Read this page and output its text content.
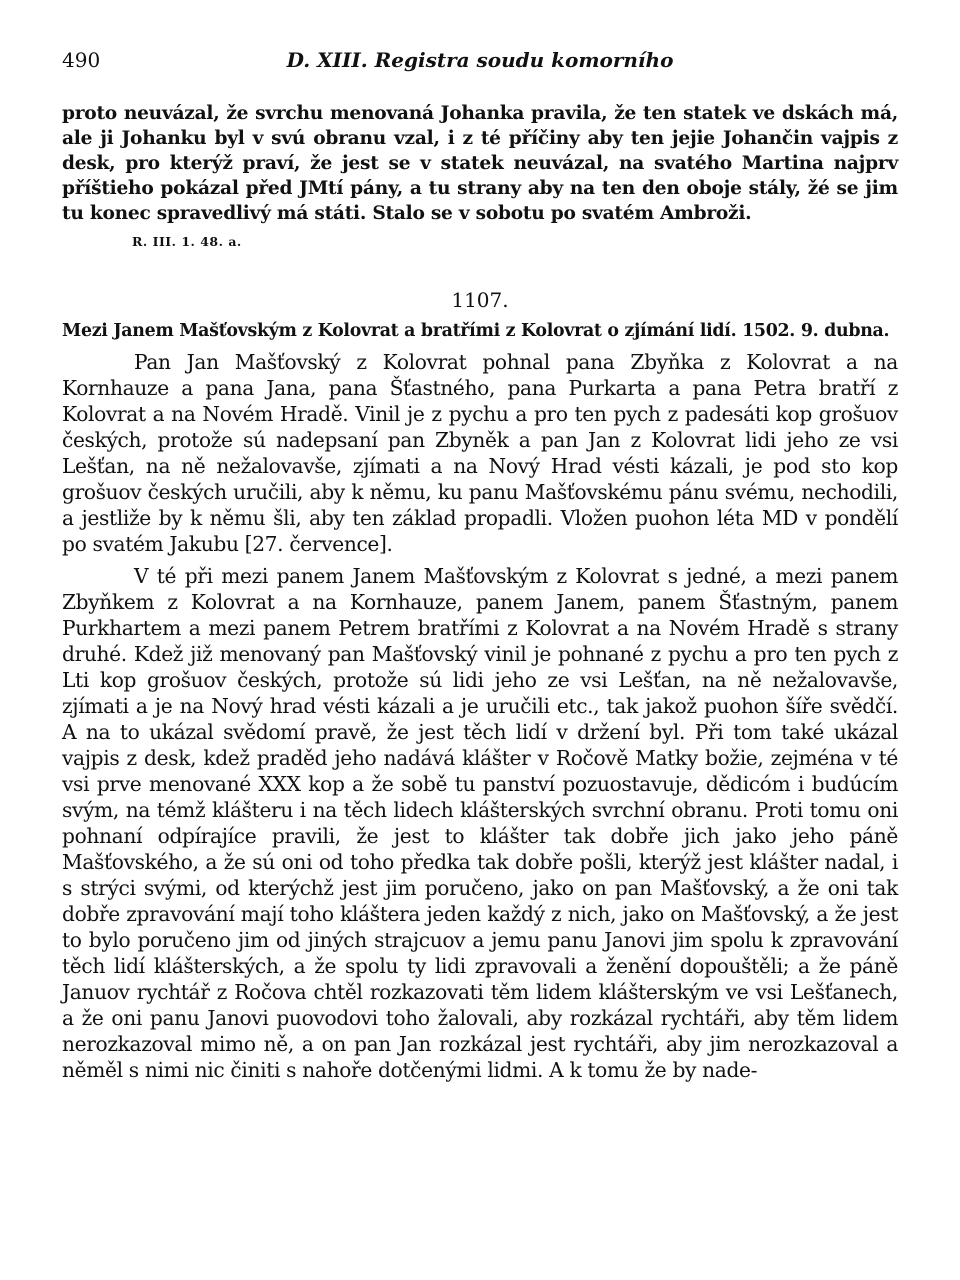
490	D. XIII. Registra soudu komorního

proto neuvázal, že svrchu menovaná Johanka pravila, že ten statek ve dskách má, ale ji Johanku byl v svú obranu vzal, i z té příčiny aby ten jejie Johančin vajpis z desk, pro kterýž praví, že jest se v statek neuvázal, na svatého Martina najprv příštieho pokázal před JMtí pány, a tu strany aby na ten den oboje stály, žé se jim tu konec spravedlivý má státi. Stalo se v sobotu po svatém Ambroži.

R. III. 1. 48. a.
1107.
Mezi Janem Mašťovským z Kolovrat a bratřími z Kolovrat o zjímání lidí. 1502. 9. dubna.

Pan Jan Mašťovský z Kolovrat pohnal pana Zbyňka z Kolovrat a na Kornhauze a pana Jana, pana Šťastného, pana Purkarta a pana Petra bratří z Kolovrat a na Novém Hradě. Vinil je z pychu a pro ten pych z padesáti kop grošuov českých, protože sú nadepsaní pan Zbyněk a pan Jan z Kolovrat lidi jeho ze vsi Lešťan, na ně nežalovavše, zjímati a na Nový Hrad vésti kázali, je pod sto kop grošuov českých uručili, aby k němu, ku panu Mašťovskému pánu svému, nechodili, a jestliže by k němu šli, aby ten základ propadli. Vložen puohon léta MD v pondělí po svatém Jakubu [27. července].

V té při mezi panem Janem Mašťovským z Kolovrat s jedné, a mezi panem Zbyňkem z Kolovrat a na Kornhauze, panem Janem, panem Šťastným, panem Purkhartem a mezi panem Petrem bratřími z Kolovrat a na Novém Hradě s strany druhé. Kdež již menovaný pan Mašťovský vinil je pohnané z pychu a pro ten pych z Lti kop grošuov českých, protože sú lidi jeho ze vsi Lešťan, na ně nežalovavše, zjímati a je na Nový hrad vésti kázali a je uručili etc., tak jakož puohon šíře svědčí. A na to ukázal svědomí pravě, že jest těch lidí v držení byl. Při tom také ukázal vajpis z desk, kdež praděd jeho nadává klášter v Ročově Matky božie, zejména v té vsi prve menované XXX kop a že sobě tu panství pozuostavuje, dědicóm i budúcím svým, na témž klášteru i na těch lidech klášterských svrchní obranu. Proti tomu oni pohnaní odpírajíce pravili, že jest to klášter tak dobře jich jako jeho páně Mašťovského, a že sú oni od toho předka tak dobře pošli, kterýž jest klášter nadal, i s strýci svými, od kterýchž jest jim poručeno, jako on pan Mašťovský, a že oni tak dobře zpravování mají toho kláštera jeden každý z nich, jako on Mašťovský, a že jest to bylo poručeno jim od jiných strajcuov a jemu panu Janovi jim spolu k zpravování těch lidí klášterských, a že spolu ty lidi zpravovali a ženění dopouštěli; a že páně Januov rychtář z Ročova chtěl rozkazovati těm lidem klášterským ve vsi Lešťanech, a že oni panu Janovi puovodovi toho žalovali, aby rozkázal rychtáři, aby těm lidem nerozkazoval mimo ně, a on pan Jan rozkázal jest rychtáři, aby jim nerozkazoval a něměl s nimi nic činiti s nahoře dotčenými lidmi. A k tomu že by nade-
